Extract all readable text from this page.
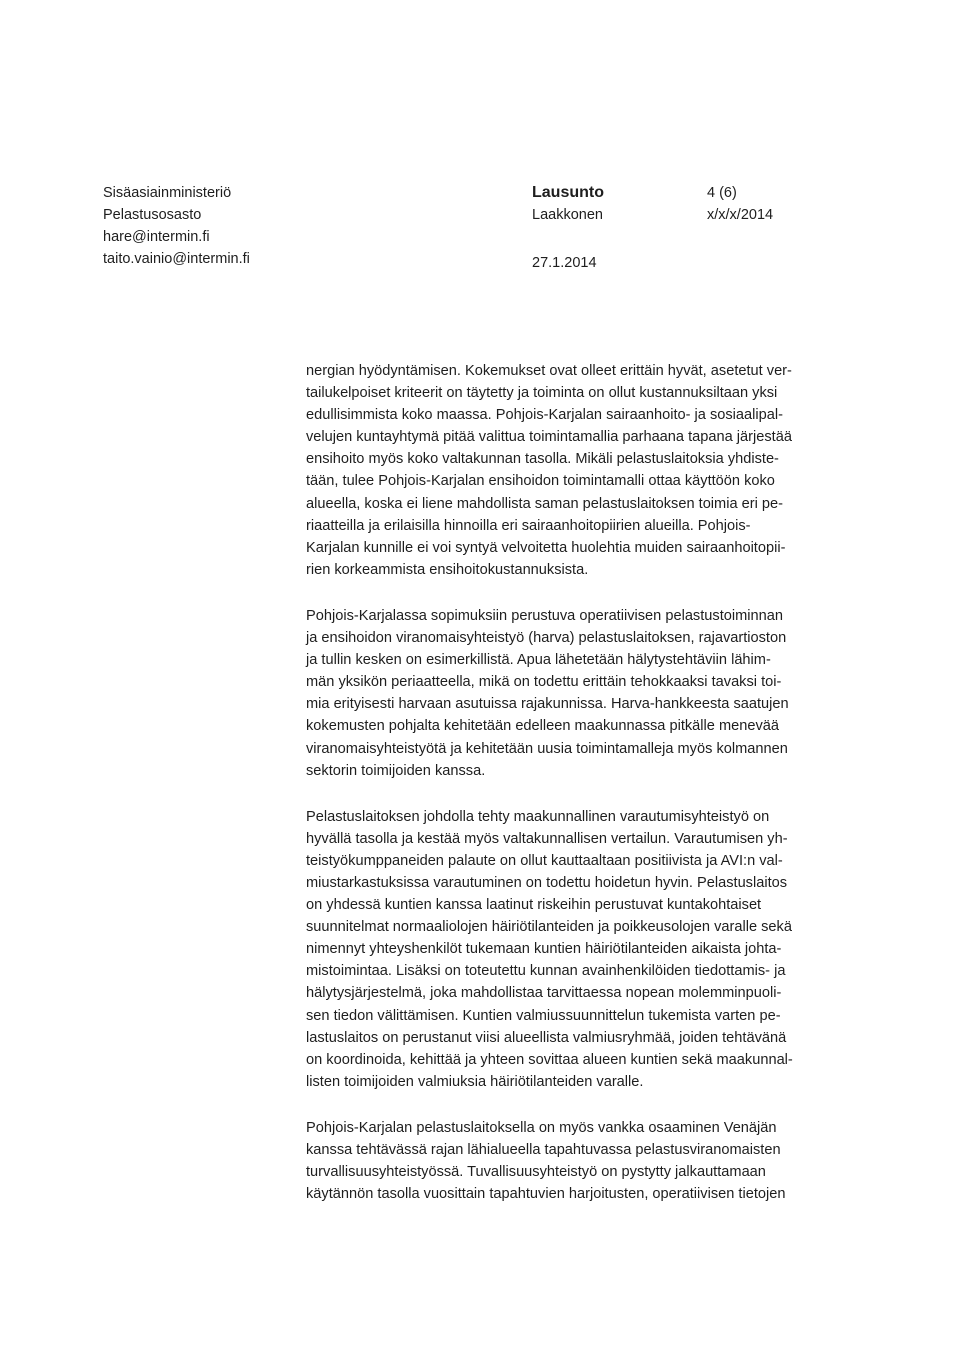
Sisäasiainministeriö
Pelastusosasto
hare@intermin.fi
taito.vainio@intermin.fi
Lausunto
Laakkonen
4 (6)
x/x/x/2014
27.1.2014

nergian hyödyntämisen. Kokemukset ovat olleet erittäin hyvät, asetetut ver-
tailukelpoiset kriteerit on täytetty ja toiminta on ollut kustannuksiltaan yksi
edullisimmista koko maassa. Pohjois-Karjalan sairaanhoito- ja sosiaalipal-
velujen kuntayhtymä pitää valittua toimintamallia parhaana tapana järjestää
ensihoito myös koko valtakunnan tasolla. Mikäli pelastuslaitoksia yhdiste-
tään, tulee Pohjois-Karjalan ensihoidon toimintamalli ottaa käyttöön koko
alueella, koska ei liene mahdollista saman pelastuslaitoksen toimia eri pe-
riaatteilla ja erilaisilla hinnoilla eri sairaanhoitopiirien alueilla. Pohjois-
Karjalan kunnille ei voi syntyä velvoitetta huolehtia muiden sairaanhoitopii-
rien korkeammista ensihoitokustannuksista.

Pohjois-Karjalassa sopimuksiin perustuva operatiivisen pelastustoiminnan
ja ensihoidon viranomaisyhteistyö (harva) pelastuslaitoksen, rajavartioston
ja tullin kesken on esimerkillistä. Apua lähetetään hälytystehtäviin lähim-
män yksikön periaatteella, mikä on todettu erittäin tehokkaaksi tavaksi toi-
mia erityisesti harvaan asutuissa rajakunnissa. Harva-hankkeesta saatujen
kokemusten pohjalta kehitetään edelleen maakunnassa pitkälle menevää
viranomaisyhteistyötä ja kehitetään uusia toimintamalleja myös kolmannen
sektorin toimijoiden kanssa.

Pelastuslaitoksen johdolla tehty maakunnallinen varautumisyhteistyö on
hyvällä tasolla ja kestää myös valtakunnallisen vertailun. Varautumisen yh-
teistyökumppaneiden palaute on ollut kauttaaltaan positiivista ja AVI:n val-
miustarkastuksissa varautuminen on todettu hoidetun hyvin. Pelastuslaitos
on yhdessä kuntien kanssa laatinut riskeihin perustuvat kuntakohtaiset
suunnitelmat normaaliolojen häiriötilanteiden ja poikkeusolojen varalle sekä
nimennyt yhteyshenkilöt tukemaan kuntien häiriötilanteiden aikaista johta-
mistoimintaa. Lisäksi on toteutettu kunnan avainhenkilöiden tiedottamis- ja
hälytysjärjestelmä, joka mahdollistaa tarvittaessa nopean molemminpuoli-
sen tiedon välittämisen. Kuntien valmiussuunnittelun tukemista varten pe-
lastuslaitos on perustanut viisi alueellista valmiusryhmää, joiden tehtävänä
on koordinoida, kehittää ja yhteen sovittaa alueen kuntien sekä maakunnal-
listen toimijoiden valmiuksia häiriötilanteiden varalle.

Pohjois-Karjalan pelastuslaitoksella on myös vankka osaaminen Venäjän
kanssa tehtävässä rajan lähialueella tapahtuvassa pelastusviranomaisten
turvallisuusyhteistyössä. Tuvallisuusyhteistyö on pystytty jalkauttamaan
käytännön tasolla vuosittain tapahtuvien harjoitusten, operatiivisen tietojen
